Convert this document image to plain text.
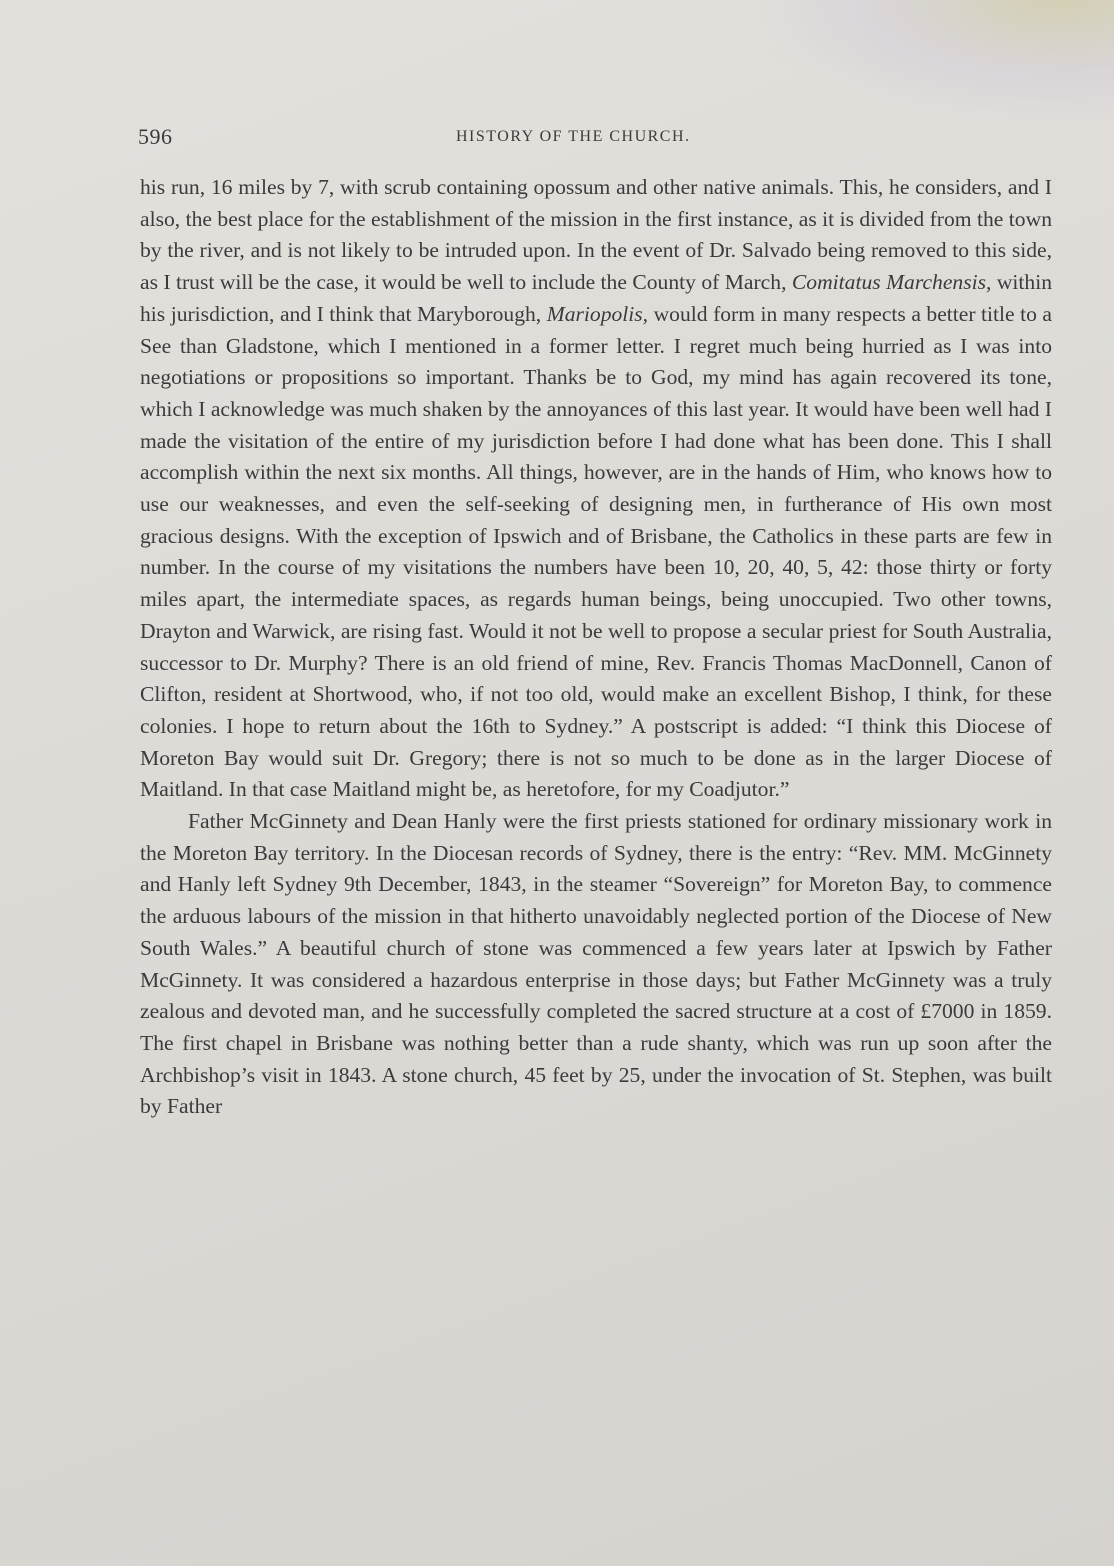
596	HISTORY OF THE CHURCH.

his run, 16 miles by 7, with scrub containing opossum and other native animals. This, he considers, and I also, the best place for the establishment of the mission in the first instance, as it is divided from the town by the river, and is not likely to be intruded upon. In the event of Dr. Salvado being removed to this side, as I trust will be the case, it would be well to include the County of March, Comitatus Marchensis, within his jurisdiction, and I think that Maryborough, Mariopolis, would form in many respects a better title to a See than Gladstone, which I mentioned in a former letter. I regret much being hurried as I was into negotiations or propositions so important. Thanks be to God, my mind has again recovered its tone, which I acknowledge was much shaken by the annoyances of this last year. It would have been well had I made the visitation of the entire of my jurisdiction before I had done what has been done. This I shall accomplish within the next six months. All things, however, are in the hands of Him, who knows how to use our weaknesses, and even the self-seeking of designing men, in furtherance of His own most gracious designs. With the exception of Ipswich and of Brisbane, the Catholics in these parts are few in number. In the course of my visitations the numbers have been 10, 20, 40, 5, 42: those thirty or forty miles apart, the intermediate spaces, as regards human beings, being unoccupied. Two other towns, Drayton and Warwick, are rising fast. Would it not be well to propose a secular priest for South Australia, successor to Dr. Murphy? There is an old friend of mine, Rev. Francis Thomas MacDonnell, Canon of Clifton, resident at Shortwood, who, if not too old, would make an excellent Bishop, I think, for these colonies. I hope to return about the 16th to Sydney.” A postscript is added: “I think this Diocese of Moreton Bay would suit Dr. Gregory; there is not so much to be done as in the larger Diocese of Maitland. In that case Maitland might be, as heretofore, for my Coadjutor.”

Father McGinnety and Dean Hanly were the first priests stationed for ordinary missionary work in the Moreton Bay territory. In the Diocesan records of Sydney, there is the entry: “Rev. MM. McGinnety and Hanly left Sydney 9th December, 1843, in the steamer “Sovereign” for Moreton Bay, to commence the arduous labours of the mission in that hitherto unavoidably neglected portion of the Diocese of New South Wales.” A beautiful church of stone was commenced a few years later at Ipswich by Father McGinnety. It was considered a hazardous enterprise in those days; but Father McGinnety was a truly zealous and devoted man, and he successfully completed the sacred structure at a cost of £7000 in 1859. The first chapel in Brisbane was nothing better than a rude shanty, which was run up soon after the Archbishop’s visit in 1843. A stone church, 45 feet by 25, under the invocation of St. Stephen, was built by Father
